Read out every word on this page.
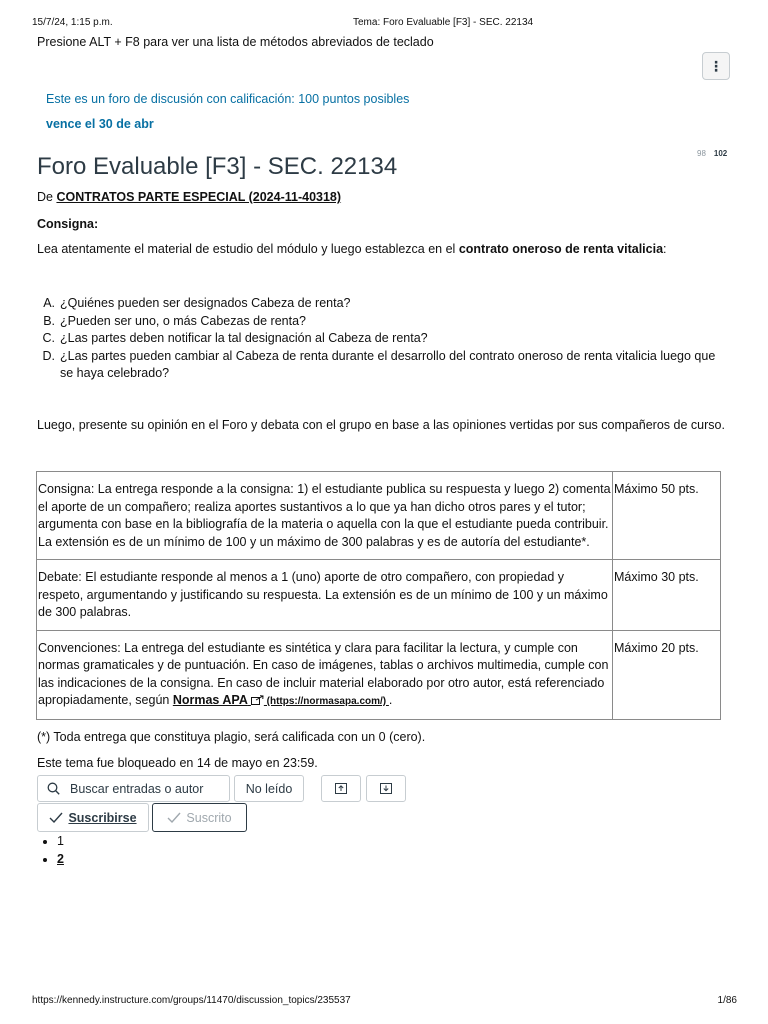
15/7/24, 1:15 p.m.	Tema: Foro Evaluable [F3] - SEC. 22134
Presione ALT + F8 para ver una lista de métodos abreviados de teclado
⋮
Este es un foro de discusión con calificación: 100 puntos posibles
vence el 30 de abr
98 102
Foro Evaluable [F3] - SEC. 22134
De CONTRATOS PARTE ESPECIAL (2024-11-40318)
Consigna:
Lea atentamente el material de estudio del módulo y luego establezca en el contrato oneroso de renta vitalicia:
A. ¿Quiénes pueden ser designados Cabeza de renta?
B. ¿Pueden ser uno, o más Cabezas de renta?
C. ¿Las partes deben notificar la tal designación al Cabeza de renta?
D. ¿Las partes pueden cambiar al Cabeza de renta durante el desarrollo del contrato oneroso de renta vitalicia luego que se haya celebrado?
Luego, presente su opinión en el Foro y debata con el grupo en base a las opiniones vertidas por sus compañeros de curso.
Consigna: La entrega responde a la consigna: 1) el estudiante publica su respuesta y luego 2) comenta el aporte de un compañero; realiza aportes sustantivos a lo que ya han dicho otros pares y el tutor; argumenta con base en la bibliografía de la materia o aquella con la que el estudiante pueda contribuir. La extensión es de un mínimo de 100 y un máximo de 300 palabras y es de autoría del estudiante*.	Máximo 50 pts.
Debate: El estudiante responde al menos a 1 (uno) aporte de otro compañero, con propiedad y respeto, argumentando y justificando su respuesta. La extensión es de un mínimo de 100 y un máximo de 300 palabras.	Máximo 30 pts.
Convenciones: La entrega del estudiante es sintética y clara para facilitar la lectura, y cumple con normas gramaticales y de puntuación. En caso de imágenes, tablas o archivos multimedia, cumple con las indicaciones de la consigna. En caso de incluir material elaborado por otro autor, está referenciado apropiadamente, según Normas APA  (https://normasapa.com/) .	Máximo 20 pts.
(*) Toda entrega que constituya plagio, será calificada con un 0 (cero).
Este tema fue bloqueado en 14 de mayo en 23:59.
Buscar entradas o autor
No leído
Suscribirse	Suscrito
• 1
• 2
https://kennedy.instructure.com/groups/11470/discussion_topics/235537	1/86
